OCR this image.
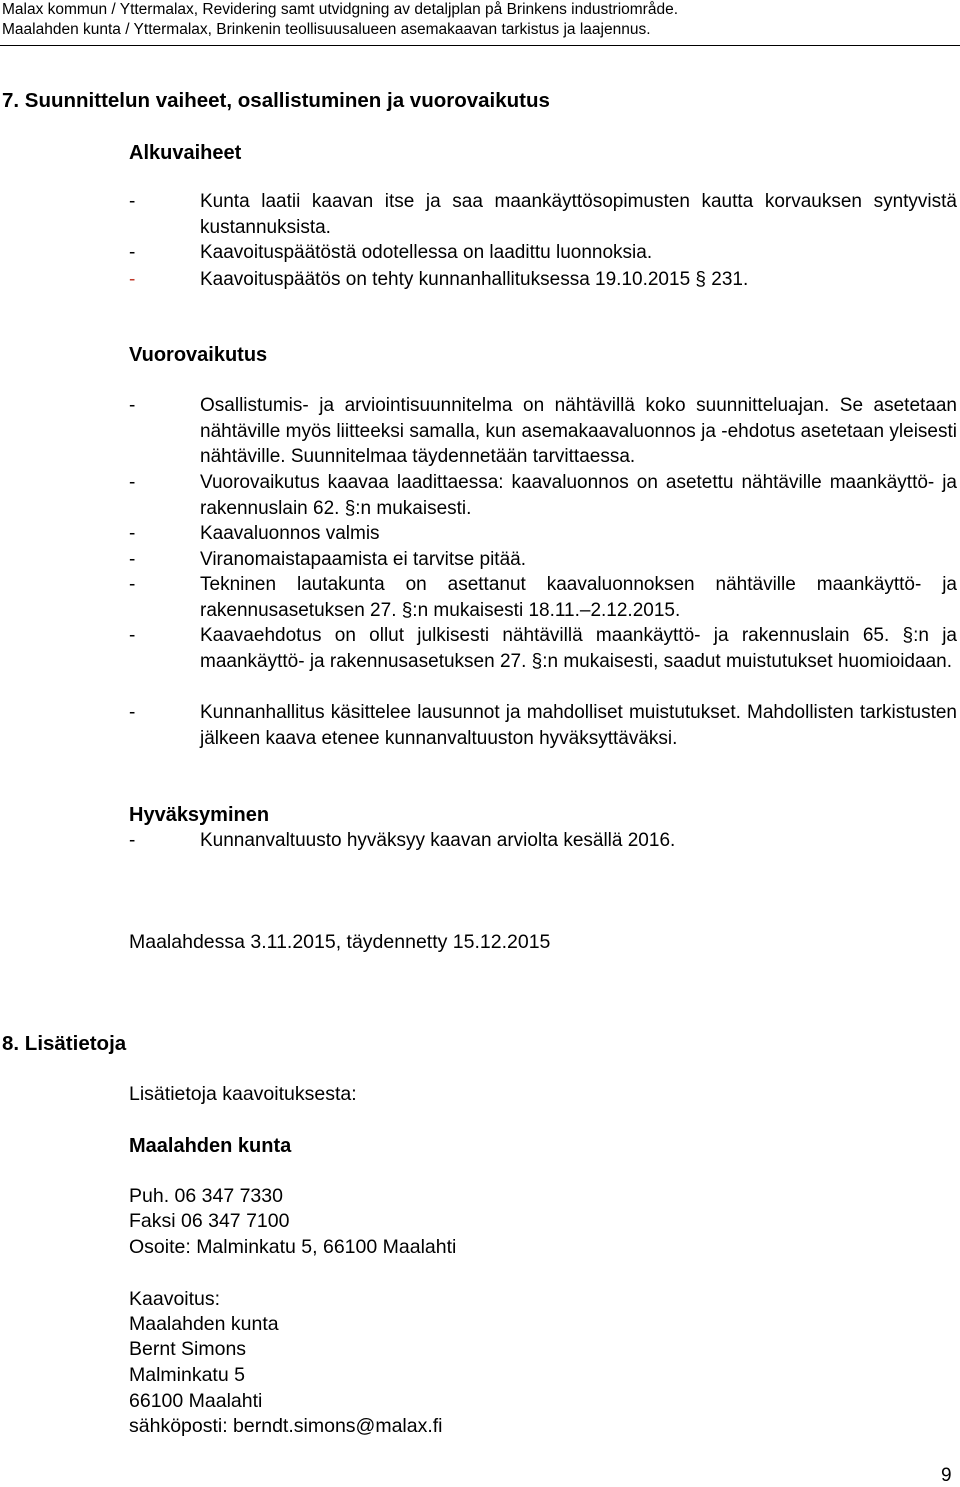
Malax kommun / Yttermalax, Revidering samt utvidgning av detaljplan på Brinkens industriområde.
Maalahden kunta / Yttermalax, Brinkenin teollisuusalueen asemakaavan tarkistus ja laajennus.
7. Suunnittelun vaiheet, osallistuminen ja vuorovaikutus
Alkuvaiheet
-	Kunta laatii kaavan itse ja saa maankäyttösopimusten kautta korvauksen syntyvistä kustannuksista.
-	Kaavoituspäätöstä odotellessa on laadittu luonnoksia.
-	Kaavoituspäätös on tehty kunnanhallituksessa 19.10.2015 § 231.
Vuorovaikutus
-	Osallistumis- ja arviointisuunnitelma on nähtävillä koko suunnitteluajan. Se asetetaan nähtäville myös liitteeksi samalla, kun asemakaavaluonnos ja -ehdotus asetetaan yleisesti nähtäville. Suunnitelmaa täydennetään tarvittaessa.
-	Vuorovaikutus kaavaa laadittaessa: kaavaluonnos on asetettu nähtäville maankäyttö- ja rakennuslain 62. §:n mukaisesti.
-	Kaavaluonnos valmis
-	Viranomaistapaamista ei tarvitse pitää.
-	Tekninen lautakunta on asettanut kaavaluonnoksen nähtäville maankäyttö- ja rakennusasetuksen 27. §:n mukaisesti 18.11.–2.12.2015.
-	Kaavaehdotus on ollut julkisesti nähtävillä maankäyttö- ja rakennuslain 65. §:n ja maankäyttö- ja rakennusasetuksen 27. §:n mukaisesti, saadut muistutukset huomioidaan.
-	Kunnanhallitus käsittelee lausunnot ja mahdolliset muistutukset. Mahdollisten tarkistusten jälkeen kaava etenee kunnanvaltuuston hyväksyttäväksi.
Hyväksyminen
-	Kunnanvaltuusto hyväksyy kaavan arviolta kesällä 2016.
Maalahdessa 3.11.2015, täydennetty 15.12.2015
8. Lisätietoja
Lisätietoja kaavoituksesta:
Maalahden kunta
Puh. 06 347 7330
Faksi 06 347 7100
Osoite: Malminkatu 5, 66100 Maalahti
Kaavoitus:
Maalahden kunta
Bernt Simons
Malminkatu 5
66100 Maalahti
sähköposti: berndt.simons@malax.fi
9
